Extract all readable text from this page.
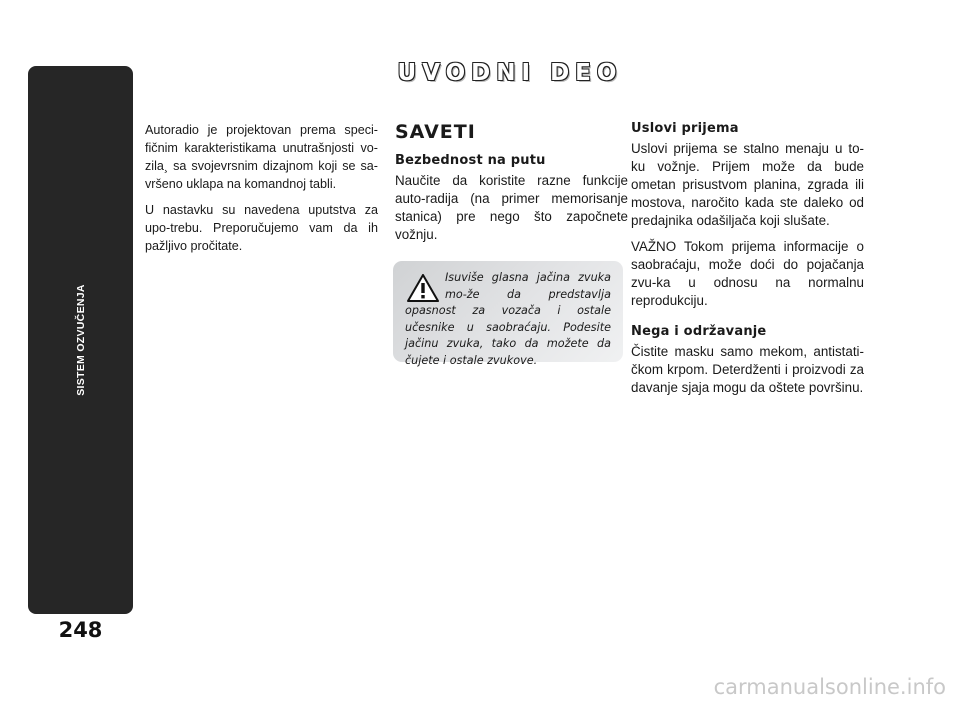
SISTEM OZVUČENJA
248
UVODNI DEO

Autoradio je projektovan prema speci-fičnim karakteristikama unutrašnjosti vo-zila¸ sa svojevrsnim dizajnom koji se sa-vršeno uklapa na komandnoj tabli.

U nastavku su navedena uputstva za upo-trebu. Preporučujemo vam da ih pažljivo pročitate.

SAVETI
Bezbednost na putu

Naučite da koristite razne funkcije auto-radija (na primer memorisanje stanica) pre nego što započnete vožnju.

Isuviše glasna jačina zvuka mo-že da predstavlja opasnost za vozača i ostale učesnike u saobraćaju. Podesite jačinu zvuka, tako da možete da čujete i ostale zvukove.
Uslovi prijema

Uslovi prijema se stalno menaju u to-ku vožnje. Prijem može da bude ometan prisustvom planina, zgrada ili mostova, naročito kada ste daleko od predajnika odašiljača koji slušate.

VAŽNO Tokom prijema informacije o saobraćaju, može doći do pojačanja zvu-ka u odnosu na normalnu reprodukciju.

Nega i održavanje

Čistite masku samo mekom, antistati-čkom krpom. Deterdženti i proizvodi za davanje sjaja mogu da oštete površinu.

carmanualsonline.info
